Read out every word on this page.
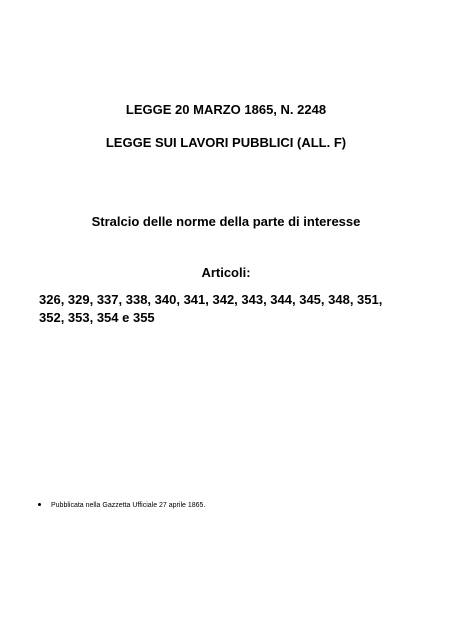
LEGGE 20 MARZO 1865, N. 2248
LEGGE SUI LAVORI PUBBLICI (ALL. F)
Stralcio delle norme della parte di interesse
Articoli:
326, 329, 337, 338, 340, 341, 342, 343, 344, 345, 348, 351,
352, 353, 354 e 355
Pubblicata nella Gazzetta Ufficiale 27 aprile 1865.
